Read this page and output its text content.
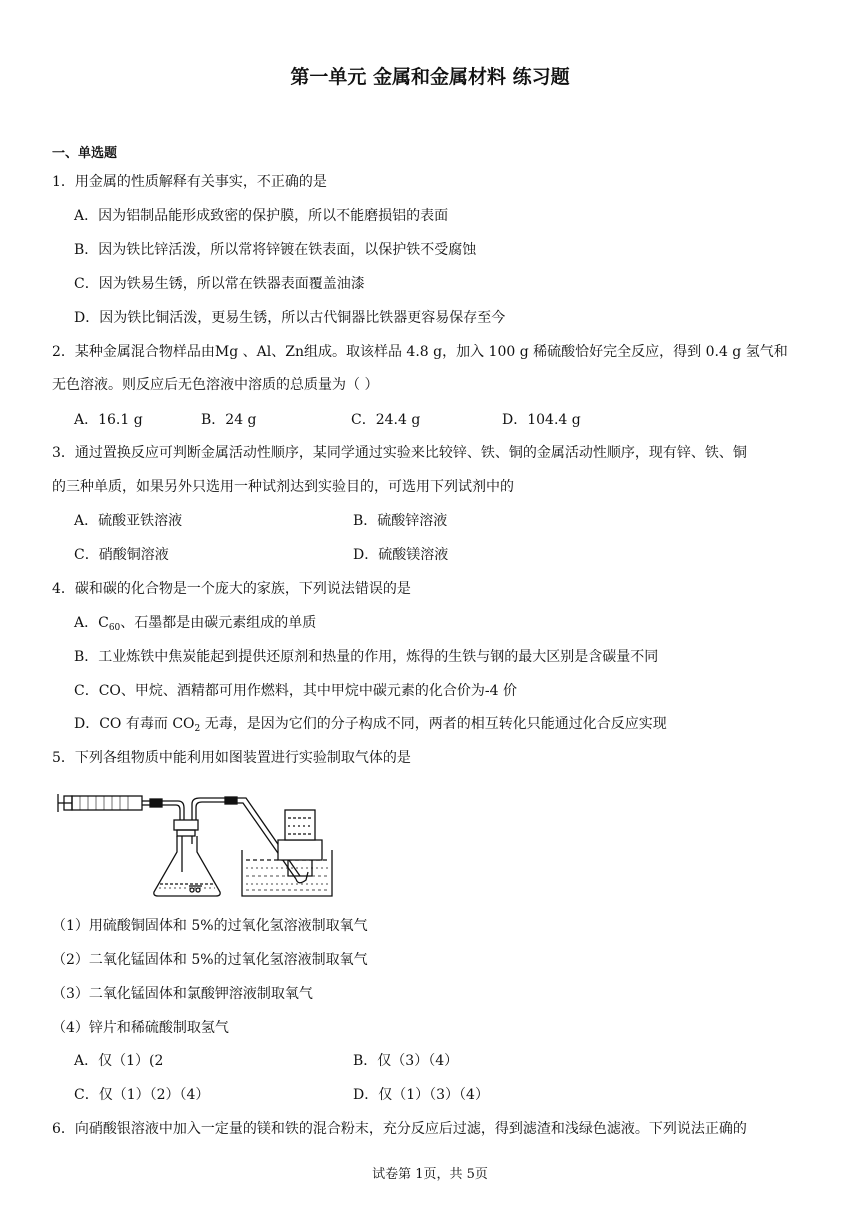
第一单元 金属和金属材料 练习题
一、单选题
1．用金属的性质解释有关事实，不正确的是
A．因为铝制品能形成致密的保护膜，所以不能磨损铝的表面
B．因为铁比锌活泼，所以常将锌镀在铁表面，以保护铁不受腐蚀
C．因为铁易生锈，所以常在铁器表面覆盖油漆
D．因为铁比铜活泼，更易生锈，所以古代铜器比铁器更容易保存至今
2．某种金属混合物样品由Mg 、Al、Zn组成。取该样品 4.8 g，加入 100 g 稀硫酸恰好完全反应，得到 0.4 g 氢气和
无色溶液。则反应后无色溶液中溶质的总质量为（ ）
A．16.1 g	B．24 g	C．24.4 g	D．104.4 g
3．通过置换反应可判断金属活动性顺序，某同学通过实验来比较锌、铁、铜的金属活动性顺序，现有锌、铁、铜
的三种单质，如果另外只选用一种试剂达到实验目的，可选用下列试剂中的
A．硫酸亚铁溶液	B．硫酸锌溶液
C．硝酸铜溶液	D．硫酸镁溶液
4．碳和碳的化合物是一个庞大的家族，下列说法错误的是
A．$C_{60}$、石墨都是由碳元素组成的单质
B．工业炼铁中焦炭能起到提供还原剂和热量的作用，炼得的生铁与钢的最大区别是含碳量不同
C．CO、甲烷、酒精都可用作燃料，其中甲烷中碳元素的化合价为-4 价
D．CO 有毒而 $CO_2$ 无毒，是因为它们的分子构成不同，两者的相互转化只能通过化合反应实现
5．下列各组物质中能利用如图装置进行实验制取气体的是
（1）用硫酸铜固体和 5%的过氧化氢溶液制取氧气
（2）二氧化锰固体和 5%的过氧化氢溶液制取氧气
（3）二氧化锰固体和氯酸钾溶液制取氧气
（4）锌片和稀硫酸制取氢气
A．仅（1）(2	B．仅（3）（4）
C．仅（1）（2）（4）	D．仅（1）（3）（4）
6．向硝酸银溶液中加入一定量的镁和铁的混合粉末，充分反应后过滤，得到滤渣和浅绿色滤液。下列说法正确的
试卷第 1页，共 5页
